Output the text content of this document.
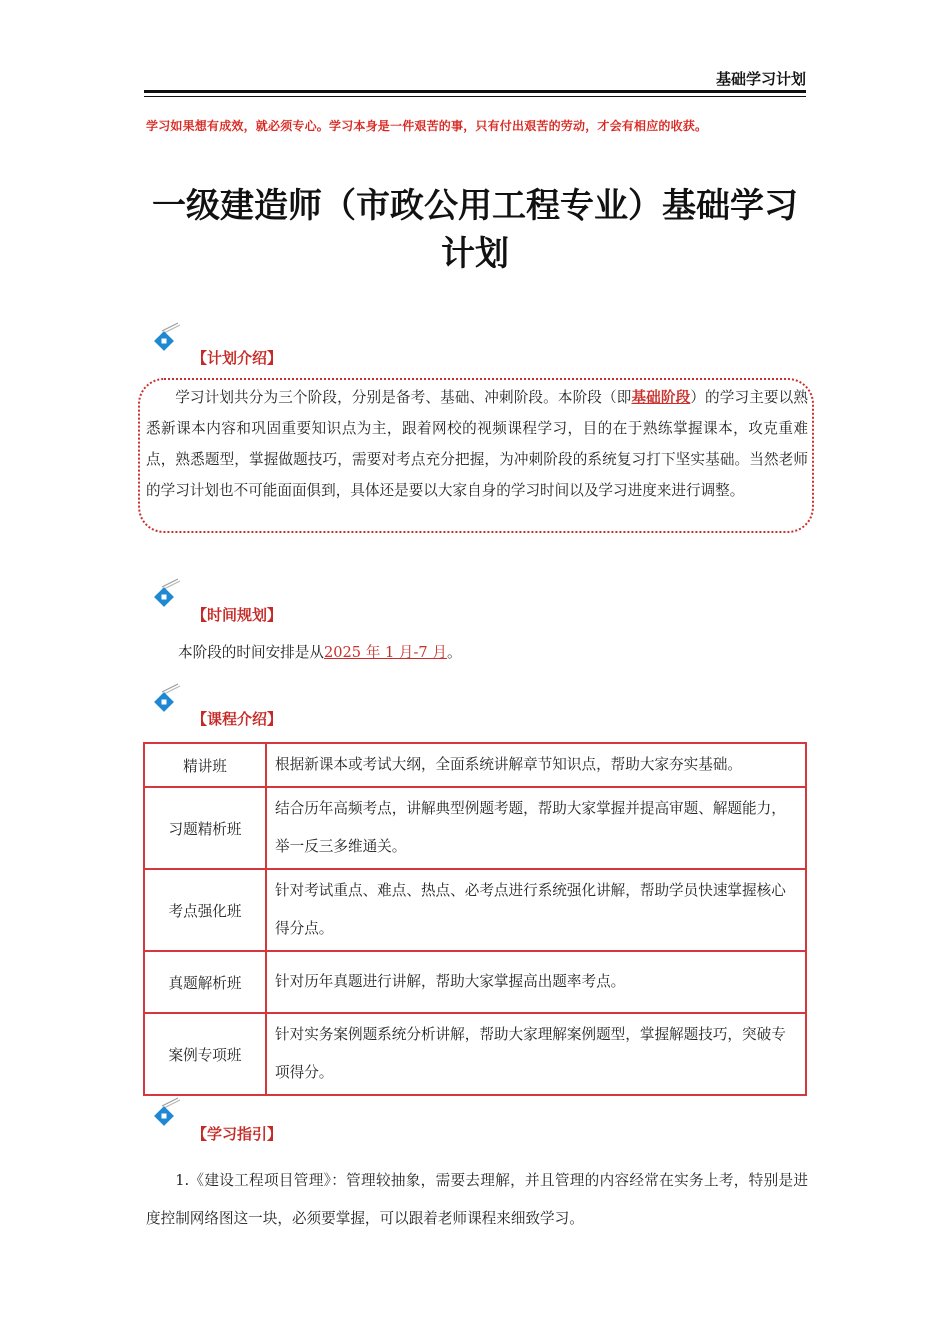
基础学习计划
学习如果想有成效，就必须专心。学习本身是一件艰苦的事，只有付出艰苦的劳动，才会有相应的收获。
一级建造师（市政公用工程专业）基础学习
计划
【计划介绍】
学习计划共分为三个阶段，分别是备考、基础、冲刺阶段。本阶段（即基础阶段）的学习主要以熟悉新课本内容和巩固重要知识点为主，跟着网校的视频课程学习，目的在于熟练掌握课本，攻克重难点，熟悉题型，掌握做题技巧，需要对考点充分把握，为冲刺阶段的系统复习打下坚实基础。当然老师的学习计划也不可能面面俱到，具体还是要以大家自身的学习时间以及学习进度来进行调整。
【时间规划】
本阶段的时间安排是从2025 年 1 月-7 月。
【课程介绍】
精讲班	根据新课本或考试大纲，全面系统讲解章节知识点，帮助大家夯实基础。
习题精析班	结合历年高频考点，讲解典型例题考题，帮助大家掌握并提高审题、解题能力，举一反三多维通关。
考点强化班	针对考试重点、难点、热点、必考点进行系统强化讲解，帮助学员快速掌握核心得分点。
真题解析班	针对历年真题进行讲解，帮助大家掌握高出题率考点。
案例专项班	针对实务案例题系统分析讲解，帮助大家理解案例题型，掌握解题技巧，突破专项得分。
【学习指引】
1.《建设工程项目管理》：管理较抽象，需要去理解，并且管理的内容经常在实务上考，特别是进度控制网络图这一块，必须要掌握，可以跟着老师课程来细致学习。
